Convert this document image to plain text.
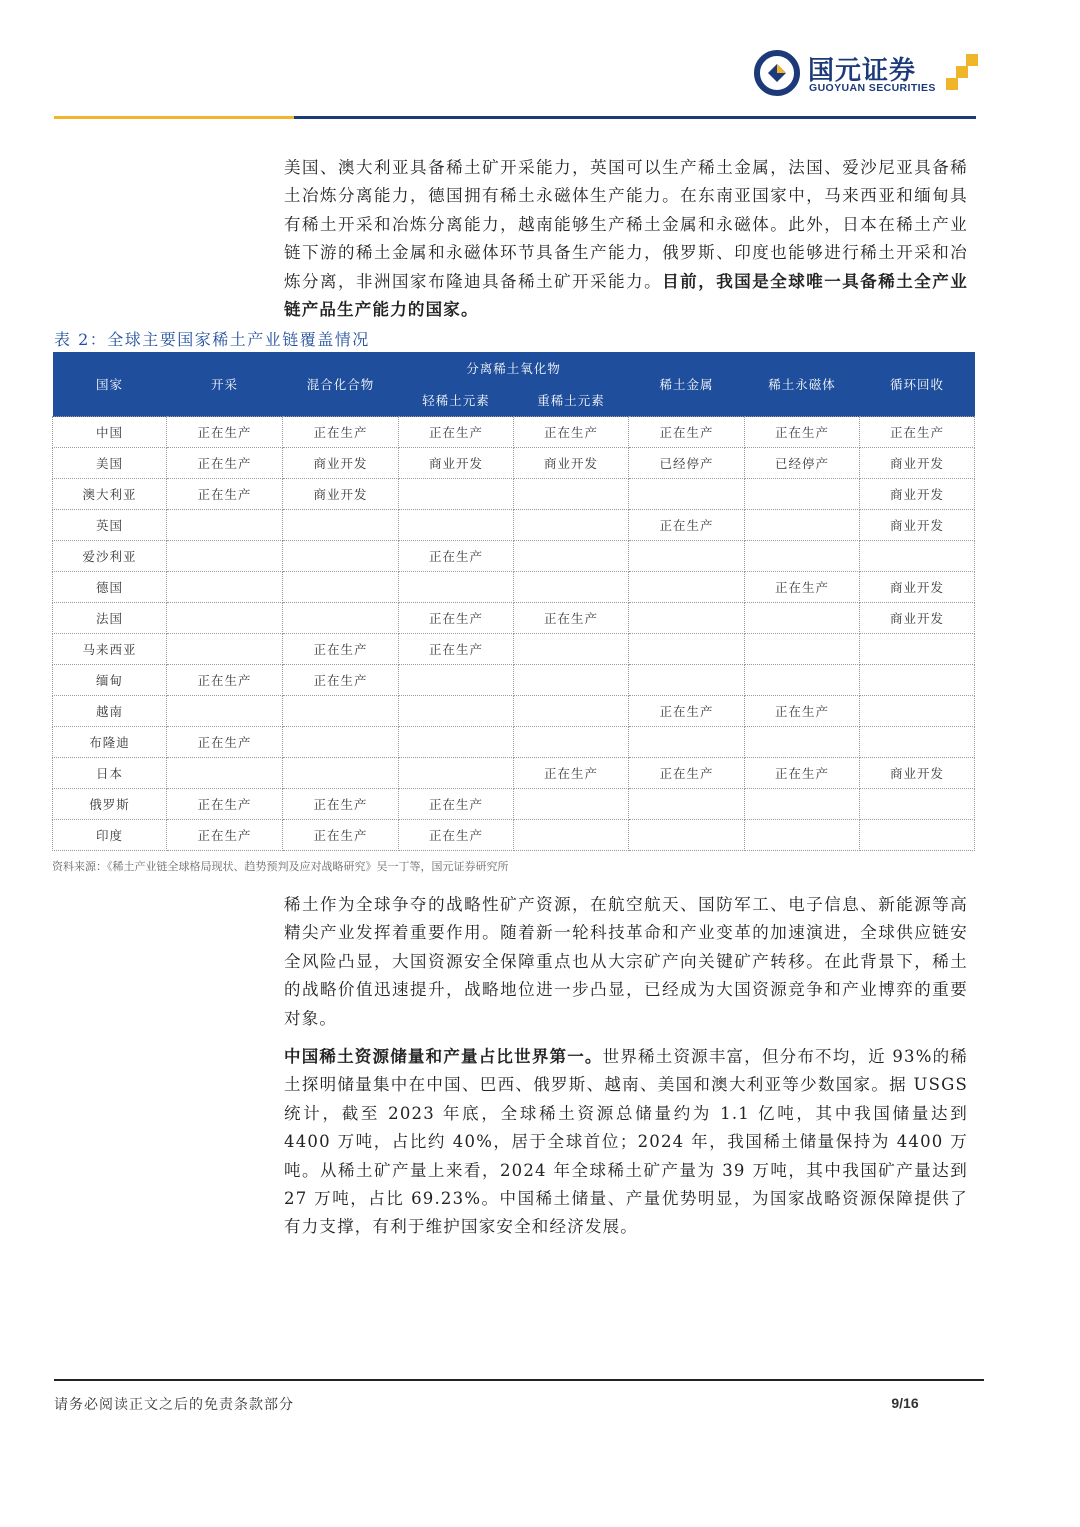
国元证券
GUOYUAN SECURITIES
美国、澳大利亚具备稀土矿开采能力，英国可以生产稀土金属，法国、爱沙尼亚具备稀土冶炼分离能力，德国拥有稀土永磁体生产能力。在东南亚国家中，马来西亚和缅甸具有稀土开采和冶炼分离能力，越南能够生产稀土金属和永磁体。此外，日本在稀土产业链下游的稀土金属和永磁体环节具备生产能力，俄罗斯、印度也能够进行稀土开采和冶炼分离，非洲国家布隆迪具备稀土矿开采能力。目前，我国是全球唯一具备稀土全产业链产品生产能力的国家。
表 2：全球主要国家稀土产业链覆盖情况
国家	开采	混合化合物	分离稀土氧化物		稀土金属	稀土永磁体	循环回收
			轻稀土元素	重稀土元素			
中国	正在生产	正在生产	正在生产	正在生产	正在生产	正在生产	正在生产
美国	正在生产	商业开发	商业开发	商业开发	已经停产	已经停产	商业开发
澳大利亚	正在生产	商业开发					商业开发
英国					正在生产		商业开发
爱沙利亚			正在生产				
德国						正在生产	商业开发
法国			正在生产	正在生产			商业开发
马来西亚		正在生产	正在生产				
缅甸	正在生产	正在生产					
越南					正在生产	正在生产	
布隆迪	正在生产						
日本				正在生产	正在生产	正在生产	商业开发
俄罗斯	正在生产	正在生产	正在生产				
印度	正在生产	正在生产	正在生产				
资料来源：《稀土产业链全球格局现状、趋势预判及应对战略研究》吴一丁等，国元证券研究所
稀土作为全球争夺的战略性矿产资源，在航空航天、国防军工、电子信息、新能源等高精尖产业发挥着重要作用。随着新一轮科技革命和产业变革的加速演进，全球供应链安全风险凸显，大国资源安全保障重点也从大宗矿产向关键矿产转移。在此背景下，稀土的战略价值迅速提升，战略地位进一步凸显，已经成为大国资源竞争和产业博弈的重要对象。
中国稀土资源储量和产量占比世界第一。世界稀土资源丰富，但分布不均，近 93%的稀土探明储量集中在中国、巴西、俄罗斯、越南、美国和澳大利亚等少数国家。据 USGS 统计，截至 2023 年底，全球稀土资源总储量约为 1.1 亿吨，其中我国储量达到 4400 万吨，占比约 40%，居于全球首位；2024 年，我国稀土储量保持为 4400 万吨。从稀土矿产量上来看，2024 年全球稀土矿产量为 39 万吨，其中我国矿产量达到 27 万吨，占比 69.23%。中国稀土储量、产量优势明显，为国家战略资源保障提供了有力支撑，有利于维护国家安全和经济发展。
请务必阅读正文之后的免责条款部分	9/16
